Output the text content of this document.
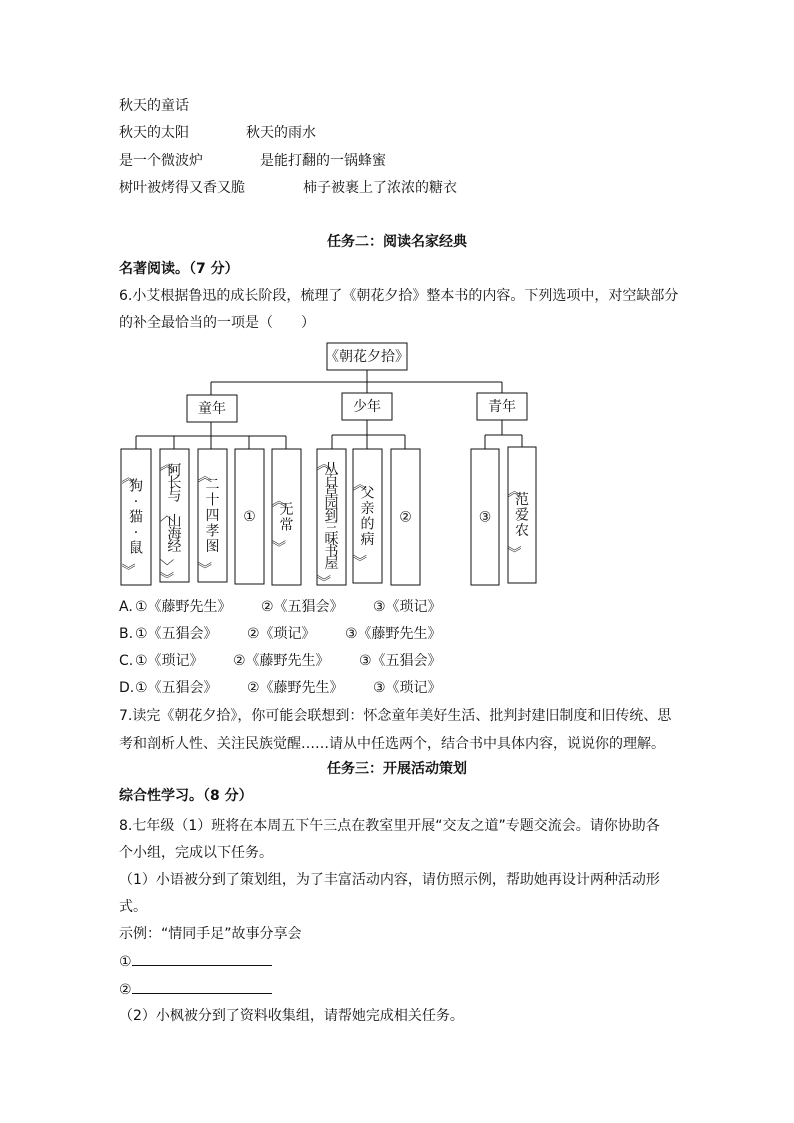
秋天的童话
秋天的太阳	秋天的雨水
是一个微波炉	是能打翻的一锅蜂蜜
树叶被烤得又香又脆	柿子被裹上了浓浓的糖衣
任务二：阅读名家经典
名著阅读。（7 分）
6.小艾根据鲁迅的成长阶段，梳理了《朝花夕拾》整本书的内容。下列选项中，对空缺部分
的补全最恰当的一项是（　　）
《朝花夕拾》
童年	少年	青年
《狗·猫·鼠》
《阿长与〈山海经〉》
《二十四孝图》
①
《无常》
《从百草园到三味书屋》
《父亲的病》
②	③
《范爱农》
A. ①《藤野先生》 ②《五猖会》 ③《琐记》
B. ①《五猖会》 ②《琐记》 ③《藤野先生》
C. ①《琐记》 ②《藤野先生》 ③《五猖会》
D.①《五猖会》 ②《藤野先生》 ③《琐记》
7.读完《朝花夕拾》，你可能会联想到：怀念童年美好生活、批判封建旧制度和旧传统、思
考和剖析人性、关注民族觉醒……请从中任选两个，结合书中具体内容，说说你的理解。
任务三：开展活动策划
综合性学习。（8 分）
8.七年级（1）班将在本周五下午三点在教室里开展“交友之道”专题交流会。请你协助各
个小组，完成以下任务。
（1）小语被分到了策划组，为了丰富活动内容，请仿照示例，帮助她再设计两种活动形
式。
示例：“情同手足”故事分享会
①
②
（2）小枫被分到了资料收集组，请帮她完成相关任务。
